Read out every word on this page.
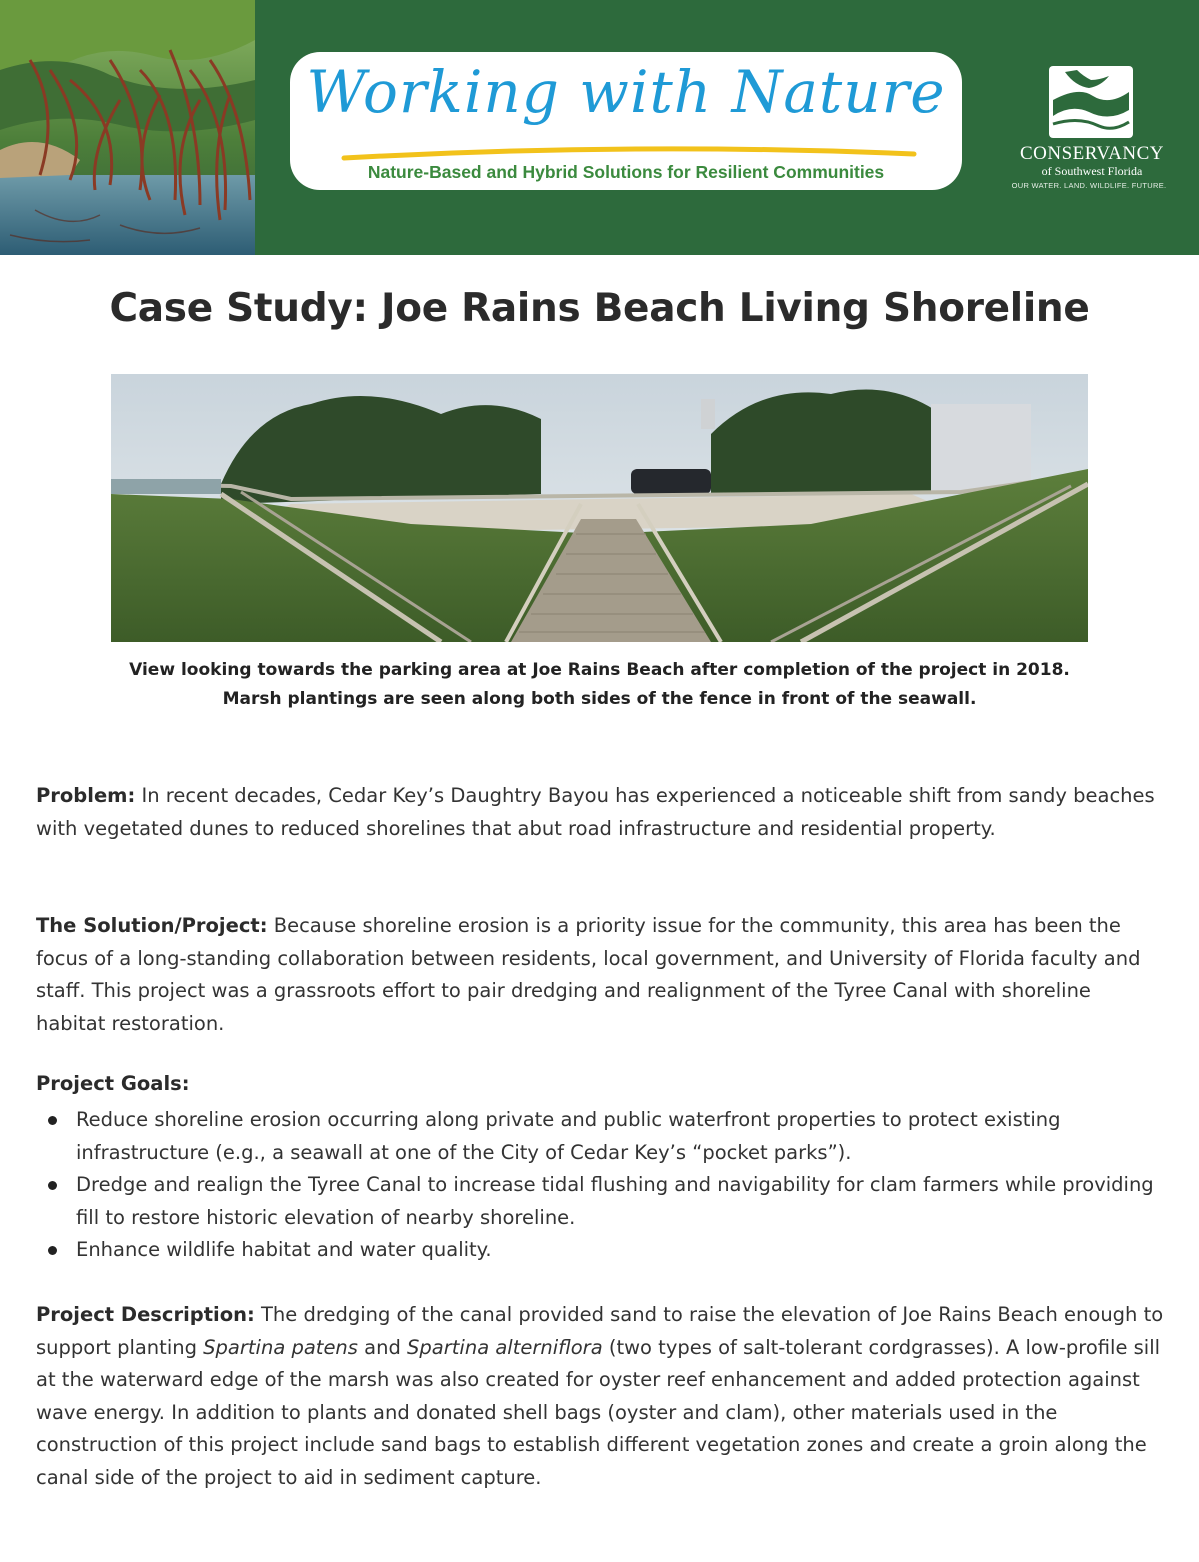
Working with Nature
Nature-Based and Hybrid Solutions for Resilient Communities
CONSERVANCY
of Southwest Florida
OUR WATER. LAND. WILDLIFE. FUTURE.
Case Study: Joe Rains Beach Living Shoreline
View looking towards the parking area at Joe Rains Beach after completion of the project in 2018.
Marsh plantings are seen along both sides of the fence in front of the seawall.
Problem: In recent decades, Cedar Key’s Daughtry Bayou has experienced a noticeable shift from sandy beaches with vegetated dunes to reduced shorelines that abut road infrastructure and residential property.
The Solution/Project: Because shoreline erosion is a priority issue for the community, this area has been the focus of a long-standing collaboration between residents, local government, and University of Florida faculty and staff. This project was a grassroots effort to pair dredging and realignment of the Tyree Canal with shoreline habitat restoration.
Project Goals:
Reduce shoreline erosion occurring along private and public waterfront properties to protect existing infrastructure (e.g., a seawall at one of the City of Cedar Key’s “pocket parks”).
Dredge and realign the Tyree Canal to increase tidal flushing and navigability for clam farmers while providing fill to restore historic elevation of nearby shoreline.
Enhance wildlife habitat and water quality.
Project Description: The dredging of the canal provided sand to raise the elevation of Joe Rains Beach enough to support planting Spartina patens and Spartina alterniflora (two types of salt-tolerant cordgrasses). A low-profile sill at the waterward edge of the marsh was also created for oyster reef enhancement and added protection against wave energy. In addition to plants and donated shell bags (oyster and clam), other materials used in the construction of this project include sand bags to establish different vegetation zones and create a groin along the canal side of the project to aid in sediment capture.
